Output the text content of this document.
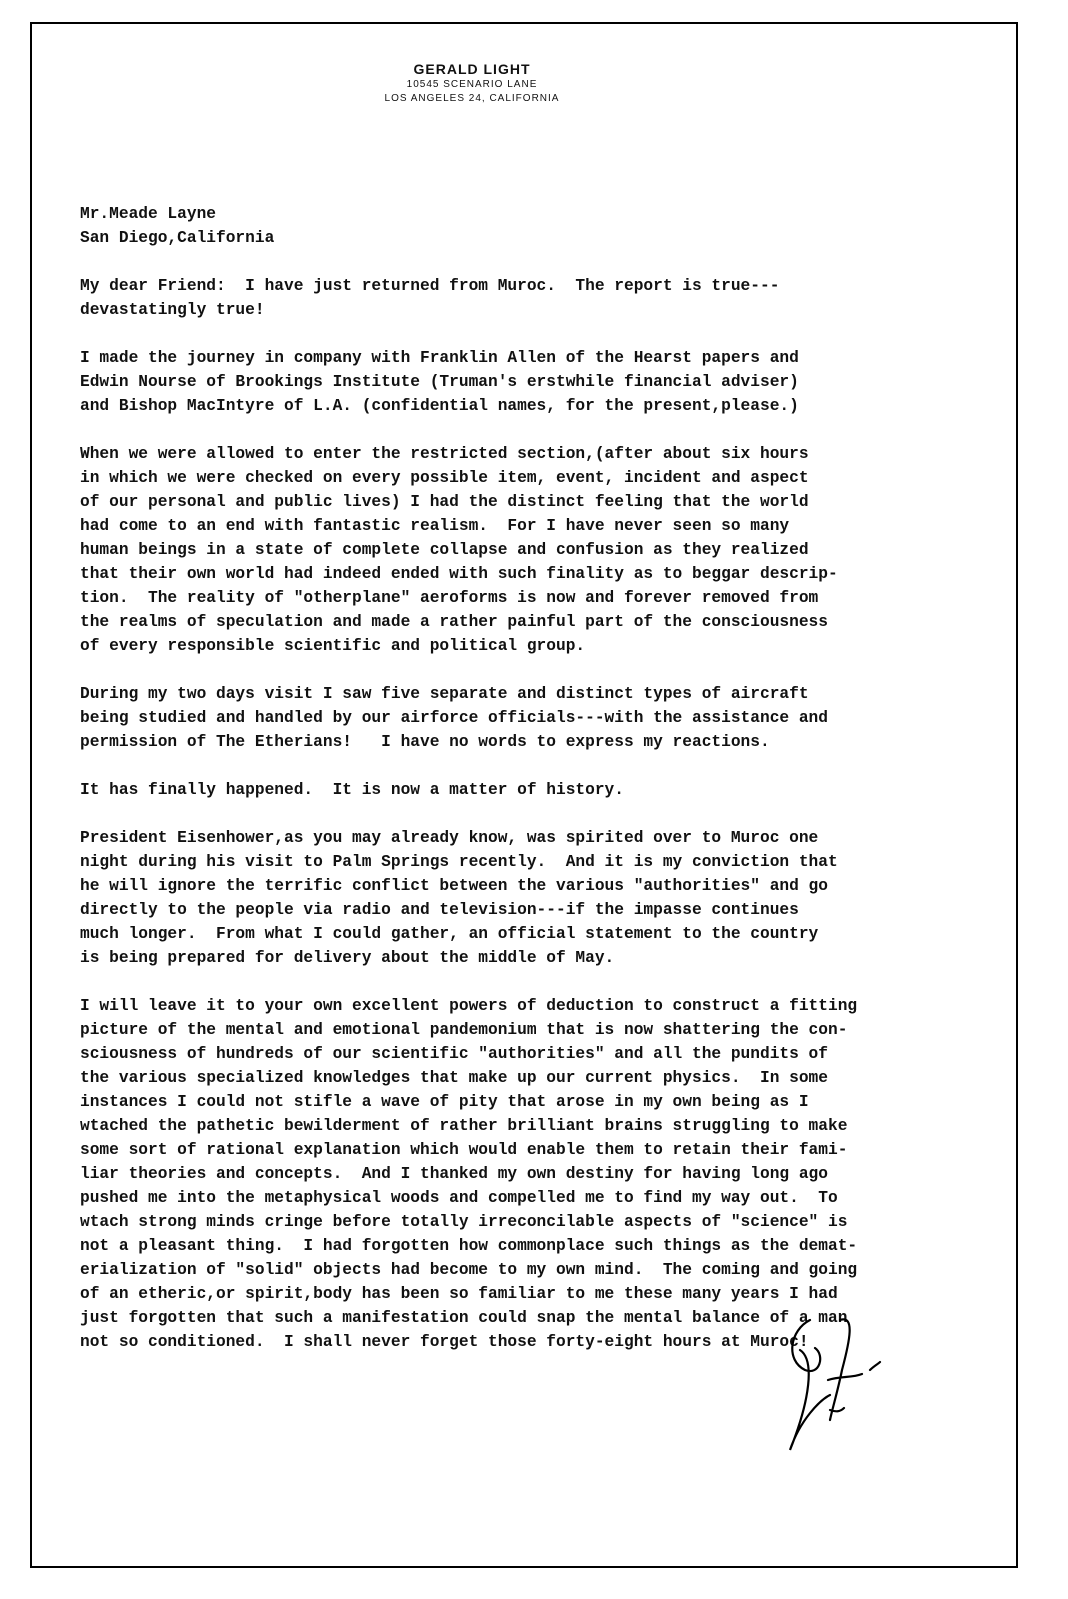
GERALD LIGHT
10545 SCENARIO LANE
LOS ANGELES 24, CALIFORNIA
Mr.Meade Layne
San Diego,California
My dear Friend:  I have just returned from Muroc.  The report is true---
devastatingly true!
I made the journey in company with Franklin Allen of the Hearst papers and
Edwin Nourse of Brookings Institute (Truman's erstwhile financial adviser)
and Bishop MacIntyre of L.A. (confidential names, for the present,please.)
When we were allowed to enter the restricted section,(after about six hours
in which we were checked on every possible item, event, incident and aspect
of our personal and public lives) I had the distinct feeling that the world
had come to an end with fantastic realism.  For I have never seen so many
human beings in a state of complete collapse and confusion as they realized
that their own world had indeed ended with such finality as to beggar descrip-
tion.  The reality of "otherplane" aeroforms is now and forever removed from
the realms of speculation and made a rather painful part of the consciousness
of every responsible scientific and political group.
During my two days visit I saw five separate and distinct types of aircraft
being studied and handled by our airforce officials---with the assistance and
permission of The Etherians!   I have no words to express my reactions.
It has finally happened.  It is now a matter of history.
President Eisenhower,as you may already know, was spirited over to Muroc one
night during his visit to Palm Springs recently.  And it is my conviction that
he will ignore the terrific conflict between the various "authorities" and go
directly to the people via radio and television---if the impasse continues
much longer.  From what I could gather, an official statement to the country
is being prepared for delivery about the middle of May.
I will leave it to your own excellent powers of deduction to construct a fitting
picture of the mental and emotional pandemonium that is now shattering the con-
sciousness of hundreds of our scientific "authorities" and all the pundits of
the various specialized knowledges that make up our current physics.  In some
instances I could not stifle a wave of pity that arose in my own being as I
wtached the pathetic bewilderment of rather brilliant brains struggling to make
some sort of rational explanation which would enable them to retain their fami-
liar theories and concepts.  And I thanked my own destiny for having long ago
pushed me into the metaphysical woods and compelled me to find my way out.  To
wtach strong minds cringe before totally irreconcilable aspects of "science" is
not a pleasant thing.  I had forgotten how commonplace such things as the demat-
erialization of "solid" objects had become to my own mind.  The coming and going
of an etheric,or spirit,body has been so familiar to me these many years I had
just forgotten that such a manifestation could snap the mental balance of a man
not so conditioned.  I shall never forget those forty-eight hours at Muroc!
